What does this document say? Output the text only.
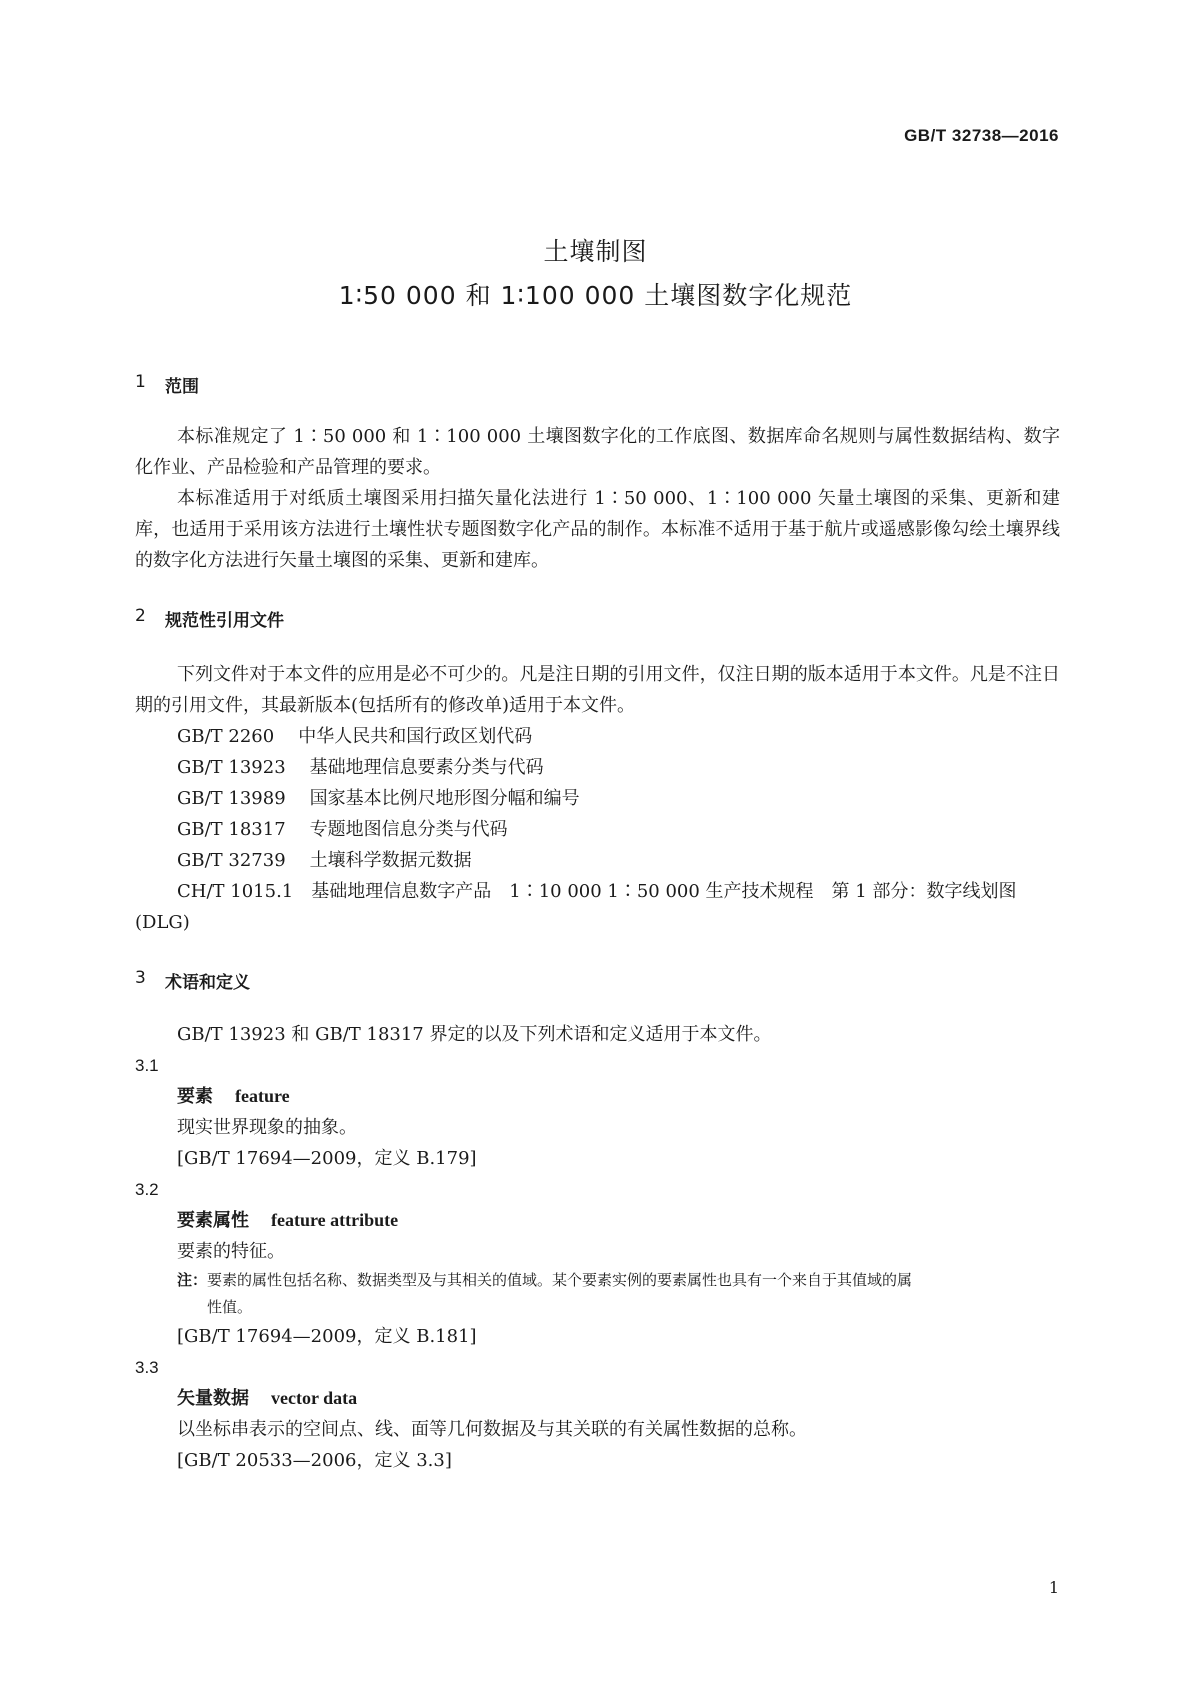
GB/T 32738—2016
土壤制图
1∶50 000 和 1∶100 000 土壤图数字化规范
1	范围

本标准规定了 1∶50 000 和 1∶100 000 土壤图数字化的工作底图、数据库命名规则与属性数据结构、数字化作业、产品检验和产品管理的要求。

本标准适用于对纸质土壤图采用扫描矢量化法进行 1∶50 000、1∶100 000 矢量土壤图的采集、更新和建库，也适用于采用该方法进行土壤性状专题图数字化产品的制作。本标准不适用于基于航片或遥感影像勾绘土壤界线的数字化方法进行矢量土壤图的采集、更新和建库。

2	规范性引用文件

下列文件对于本文件的应用是必不可少的。凡是注日期的引用文件，仅注日期的版本适用于本文件。凡是不注日期的引用文件，其最新版本(包括所有的修改单)适用于本文件。

GB/T 2260 中华人民共和国行政区划代码

GB/T 13923 基础地理信息要素分类与代码

GB/T 13989 国家基本比例尺地形图分幅和编号

GB/T 18317 专题地图信息分类与代码

GB/T 32739 土壤科学数据元数据

CH/T 1015.1　基础地理信息数字产品　1∶10 000 1∶50 000 生产技术规程　第 1 部分：数字线划图(DLG)

3	术语和定义

GB/T 13923 和 GB/T 18317 界定的以及下列术语和定义适用于本文件。

3.1

要素 feature

现实世界现象的抽象。

[GB/T 17694—2009，定义 B.179]

3.2

要素属性 feature attribute

要素的特征。

注：要素的属性包括名称、数据类型及与其相关的值域。某个要素实例的要素属性也具有一个来自于其值域的属
性值。

[GB/T 17694—2009，定义 B.181]

3.3

矢量数据 vector data

以坐标串表示的空间点、线、面等几何数据及与其关联的有关属性数据的总称。

[GB/T 20533—2006，定义 3.3]

1
